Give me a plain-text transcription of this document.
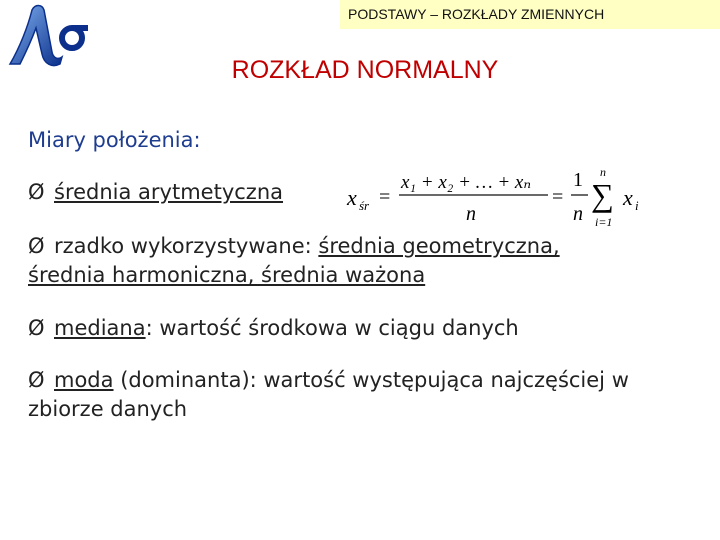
PODSTAWY – ROZKŁADY ZMIENNYCH
ROZKŁAD NORMALNY
Miary położenia:
Ø średnia arytmetyczna
Ø rzadko wykorzystywane: średnia geometryczna,
średnia harmoniczna, średnia ważona
Ø mediana: wartość środkowa w ciągu danych
Ø moda (dominanta): wartość występująca najczęściej w
zbiorze danych
x śr =
x₁ + x₂ + … + xₙ
n
=
1
n
n
∑
i=1
x i
